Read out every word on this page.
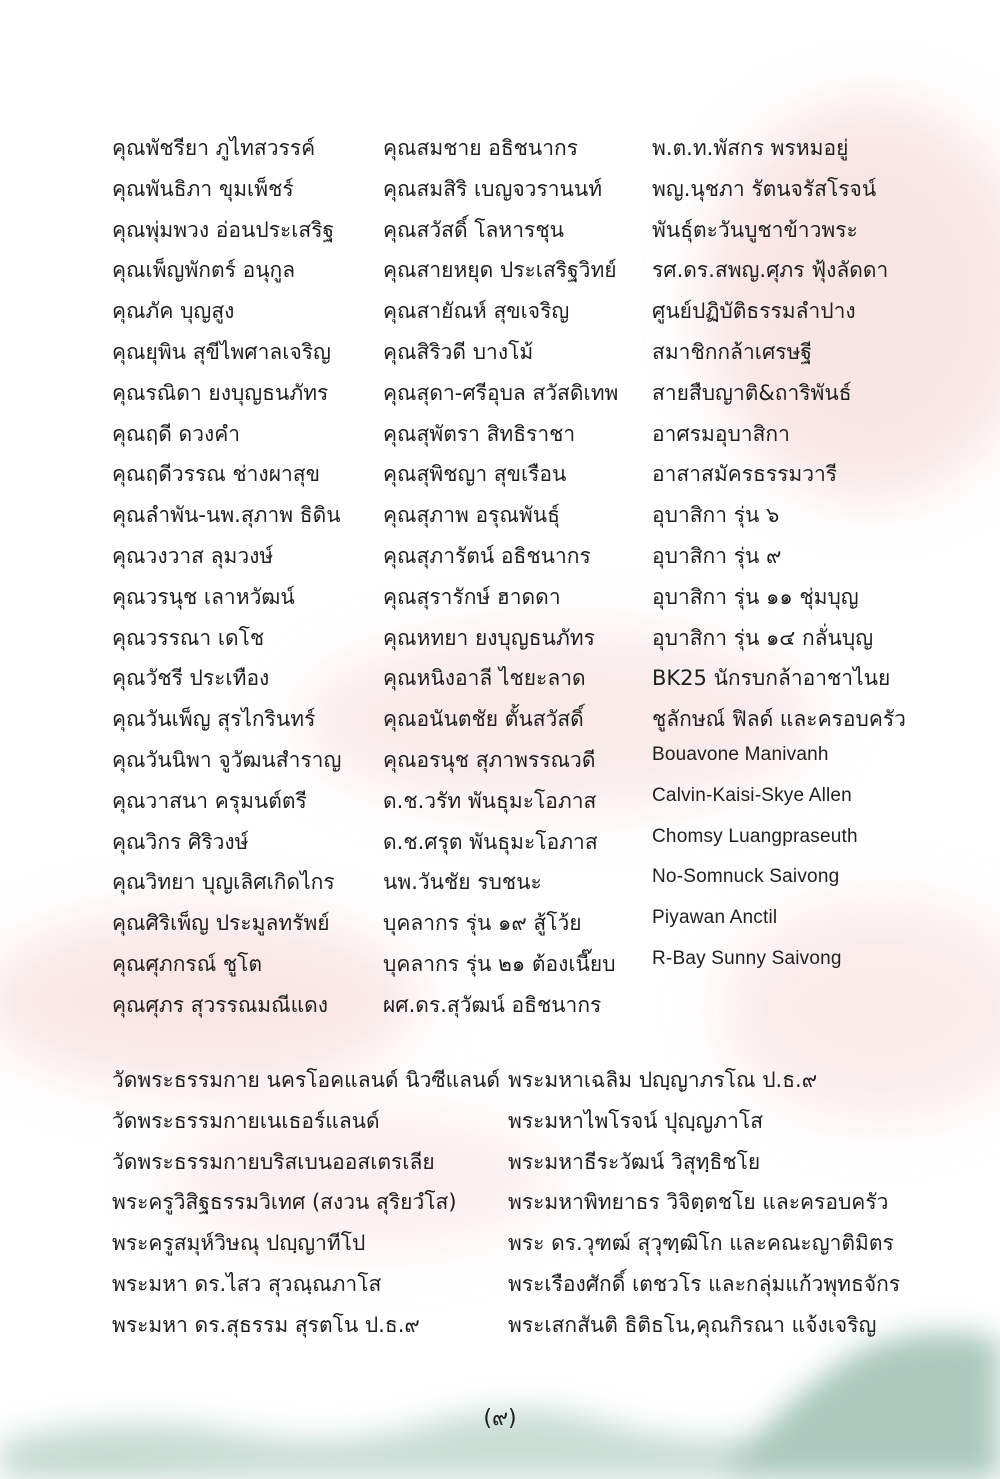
คุณพัชรียา ภูไทสวรรค์
คุณพันธิภา ขุมเพ็ชร์
คุณพุ่มพวง อ่อนประเสริฐ
คุณเพ็ญพักตร์ อนุกูล
คุณภัค บุญสูง
คุณยุพิน สุขีไพศาลเจริญ
คุณรณิดา ยงบุญธนภัทร
คุณฤดี ดวงคำ
คุณฤดีวรรณ ช่างผาสุข
คุณลำพัน-นพ.สุภาพ ธิดิน
คุณวงวาส ลุมวงษ์
คุณวรนุช เลาหวัฒน์
คุณวรรณา เดโช
คุณวัชรี ประเทือง
คุณวันเพ็ญ สุรไกรินทร์
คุณวันนิพา จูวัฒนสำราญ
คุณวาสนา ครุมนต์ตรี
คุณวิกร ศิริวงษ์
คุณวิทยา บุญเลิศเกิดไกร
คุณศิริเพ็ญ ประมูลทรัพย์
คุณศุภกรณ์ ชูโต
คุณศุภร สุวรรณมณีแดง
คุณสมชาย อธิชนากร
คุณสมสิริ เบญจวรานนท์
คุณสวัสดิ์ โลหารชุน
คุณสายหยุด ประเสริฐวิทย์
คุณสายัณห์ สุขเจริญ
คุณสิริวดี บางโม้
คุณสุดา-ศรีอุบล สวัสดิเทพ
คุณสุพัตรา สิทธิราชา
คุณสุพิชญา สุขเรือน
คุณสุภาพ อรุณพันธุ์
คุณสุภารัตน์ อธิชนากร
คุณสุรารักษ์ ฮาดดา
คุณหทยา ยงบุญธนภัทร
คุณหนิงอาลี ไชยะลาด
คุณอนันตชัย ตั้นสวัสดิ์
คุณอรนุช สุภาพรรณวดี
ด.ช.วรัท พันธุมะโอภาส
ด.ช.ศรุต พันธุมะโอภาส
นพ.วันชัย รบชนะ
บุคลากร รุ่น ๑๙ สู้โว้ย
บุคลากร รุ่น ๒๑ ต้องเนี๊ยบ
ผศ.ดร.สุวัฒน์ อธิชนากร
พ.ต.ท.พัสกร พรหมอยู่
พญ.นุชภา รัตนจรัสโรจน์
พันธุ์ตะวันบูชาข้าวพระ
รศ.ดร.สพญ.ศุภร ฟุ้งลัดดา
ศูนย์ปฏิบัติธรรมลำปาง
สมาชิกกล้าเศรษฐี
สายสืบญาติ&ถาริพันธ์
อาศรมอุบาสิกา
อาสาสมัครธรรมวารี
อุบาสิกา รุ่น ๖
อุบาสิกา รุ่น ๙
อุบาสิกา รุ่น ๑๑ ชุ่มบุญ
อุบาสิกา รุ่น ๑๔ กลั่นบุญ
BK25 นักรบกล้าอาชาไนย
ชูลักษณ์ ฟิลด์ และครอบครัว
Bouavone Manivanh
Calvin-Kaisi-Skye Allen
Chomsy Luangpraseuth
No-Somnuck Saivong
Piyawan Anctil
R-Bay Sunny Saivong
วัดพระธรรมกาย นครโอคแลนด์ นิวซีแลนด์
วัดพระธรรมกายเนเธอร์แลนด์
วัดพระธรรมกายบริสเบนออสเตรเลีย
พระครูวิสิฐธรรมวิเทศ (สงวน สุริยวํโส)
พระครูสมุห์วิษณุ ปญฺญาทีโป
พระมหา ดร.ไสว สุวณฺณภาโส
พระมหา ดร.สุธรรม สุรตโน ป.ธ.๙
พระมหาเฉลิม ปญฺญาภรโณ ป.ธ.๙
พระมหาไพโรจน์ ปุญฺญภาโส
พระมหาธีระวัฒน์ วิสุทฺธิชโย
พระมหาพิทยาธร วิจิตฺตชโย และครอบครัว
พระ ดร.วุฑฒ์ สุวุฑฺฒิโก และคณะญาติมิตร
พระเรืองศักดิ์ เตชวโร และกลุ่มแก้วพุทธจักร
พระเสกสันติ ธิติธโน,คุณกิรณา แจ้งเจริญ
(๙)
